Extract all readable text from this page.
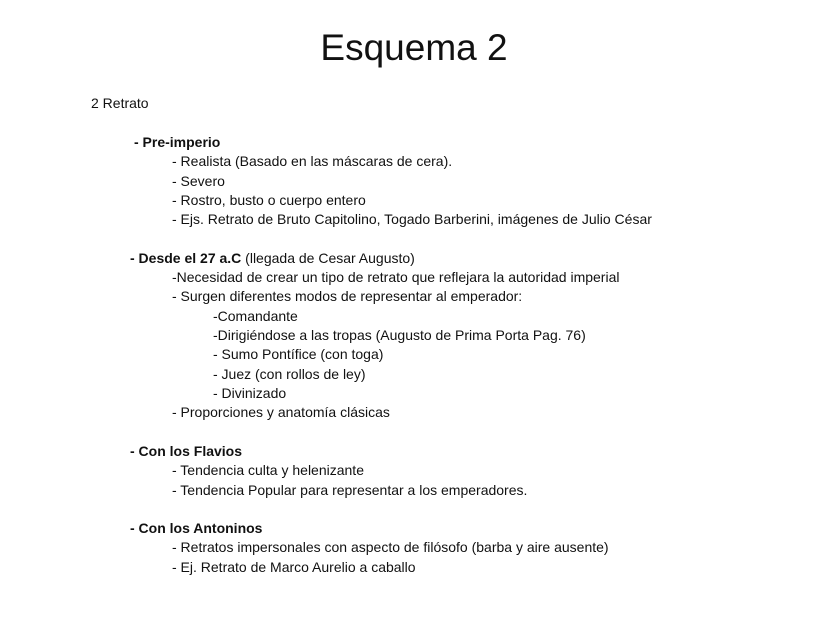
Esquema 2
2 Retrato
- Pre-imperio
- Realista (Basado en las máscaras de cera).
- Severo
- Rostro, busto o cuerpo entero
- Ejs. Retrato de Bruto Capitolino, Togado Barberini, imágenes de Julio César
- Desde el 27 a.C (llegada de Cesar Augusto)
-Necesidad de crear un tipo de retrato que reflejara la autoridad imperial
- Surgen diferentes modos de representar al emperador:
-Comandante
-Dirigiéndose a las tropas (Augusto de Prima Porta Pag. 76)
- Sumo Pontífice (con toga)
- Juez (con rollos de ley)
- Divinizado
- Proporciones y anatomía clásicas
- Con los Flavios
- Tendencia culta y helenizante
- Tendencia Popular para representar a los emperadores.
- Con los Antoninos
- Retratos impersonales con aspecto de filósofo (barba y aire ausente)
- Ej. Retrato de Marco Aurelio a caballo
